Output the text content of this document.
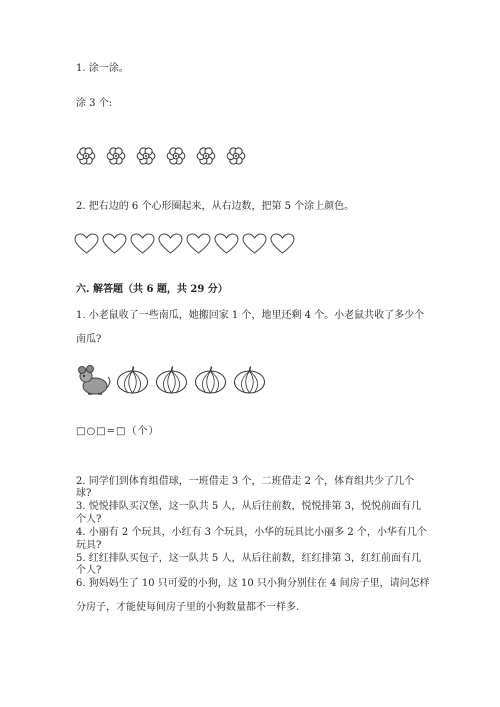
1. 涂一涂。
涂 3 个:
2. 把右边的 6 个心形圈起来，从右边数，把第 5 个涂上颜色。
六. 解答题（共 6 题，共 29 分）
1. 小老鼠收了一些南瓜，她搬回家 1 个，地里还剩 4 个。小老鼠共收了多少个
南瓜?
□○□=□（个）
2. 同学们到体育组借球，一班借走 3 个，二班借走 2 个，体育组共少了几个
球?
3. 悦悦排队买汉堡，这一队共 5 人，从后往前数，悦悦排第 3，悦悦前面有几
个人?
4. 小丽有 2 个玩具，小红有 3 个玩具，小华的玩具比小丽多 2 个，小华有几个
玩具?
5. 红红排队买包子，这一队共 5 人，从后往前数，红红排第 3，红红前面有几
个人?
6. 狗妈妈生了 10 只可爱的小狗，这 10 只小狗分别住在 4 间房子里，请问怎样
分房子，才能使每间房子里的小狗数量都不一样多.
